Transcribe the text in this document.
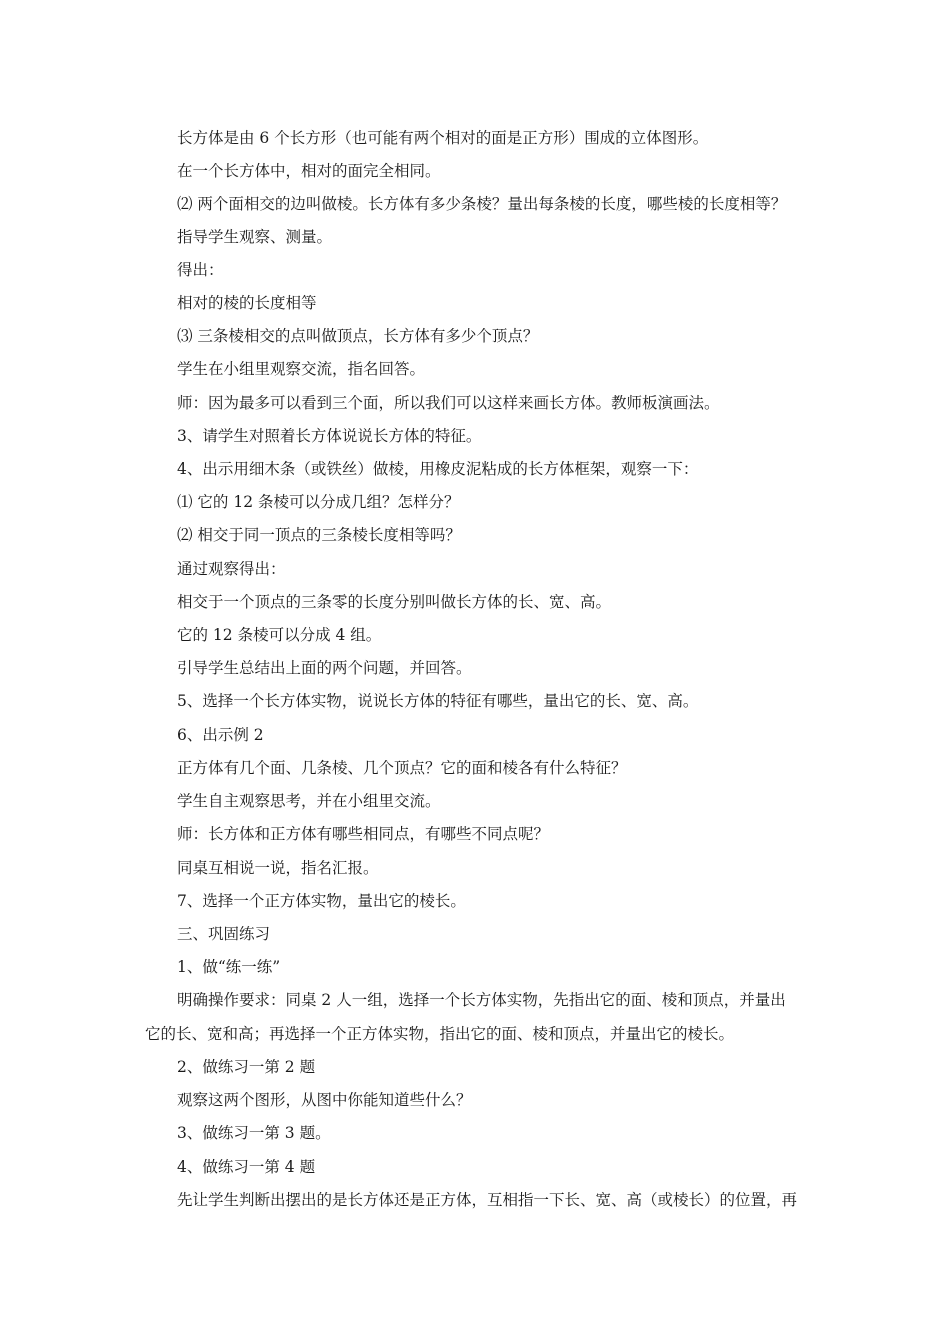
长方体是由 6 个长方形（也可能有两个相对的面是正方形）围成的立体图形。
在一个长方体中，相对的面完全相同。
⑵ 两个面相交的边叫做棱。长方体有多少条棱？量出每条棱的长度，哪些棱的长度相等？
指导学生观察、测量。
得出：
相对的棱的长度相等
⑶ 三条棱相交的点叫做顶点，长方体有多少个顶点？
学生在小组里观察交流，指名回答。
师：因为最多可以看到三个面，所以我们可以这样来画长方体。教师板演画法。
3、请学生对照着长方体说说长方体的特征。
4、出示用细木条（或铁丝）做棱，用橡皮泥粘成的长方体框架，观察一下：
⑴ 它的 12 条棱可以分成几组？怎样分？
⑵ 相交于同一顶点的三条棱长度相等吗？
通过观察得出：
相交于一个顶点的三条零的长度分别叫做长方体的长、宽、高。
它的 12 条棱可以分成 4 组。
引导学生总结出上面的两个问题，并回答。
5、选择一个长方体实物，说说长方体的特征有哪些，量出它的长、宽、高。
6、出示例 2
正方体有几个面、几条棱、几个顶点？它的面和棱各有什么特征？
学生自主观察思考，并在小组里交流。
师：长方体和正方体有哪些相同点，有哪些不同点呢？
同桌互相说一说，指名汇报。
7、选择一个正方体实物，量出它的棱长。
三、巩固练习
1、做“练一练”
明确操作要求：同桌 2 人一组，选择一个长方体实物，先指出它的面、棱和顶点，并量出
它的长、宽和高；再选择一个正方体实物，指出它的面、棱和顶点，并量出它的棱长。
2、做练习一第 2 题
观察这两个图形，从图中你能知道些什么？
3、做练习一第 3 题。
4、做练习一第 4 题
先让学生判断出摆出的是长方体还是正方体，互相指一下长、宽、高（或棱长）的位置，再
